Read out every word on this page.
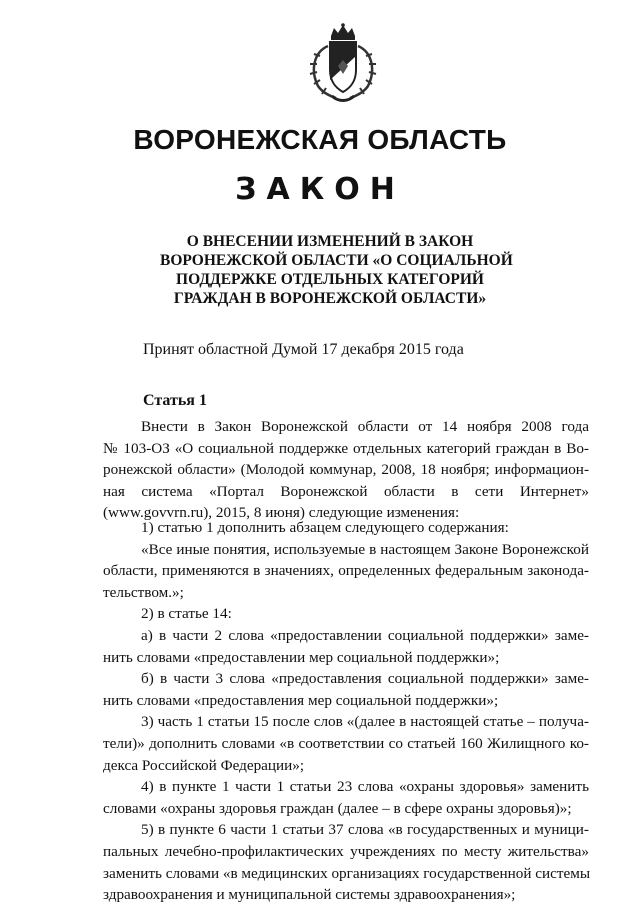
ВОРОНЕЖСКАЯ ОБЛАСТЬ
ЗАКОН
О ВНЕСЕНИИ ИЗМЕНЕНИЙ В ЗАКОН
ВОРОНЕЖСКОЙ ОБЛАСТИ «О СОЦИАЛЬНОЙ
ПОДДЕРЖКЕ ОТДЕЛЬНЫХ КАТЕГОРИЙ
ГРАЖДАН В ВОРОНЕЖСКОЙ ОБЛАСТИ»
Принят областной Думой 17 декабря 2015 года
Статья 1
Внести в Закон Воронежской области от 14 ноября 2008 года
№ 103-ОЗ «О социальной поддержке отдельных категорий граждан в Во-
ронежской области» (Молодой коммунар, 2008, 18 ноября; информацион-
ная система «Портал Воронежской области в сети Интернет»
(www.govvrn.ru), 2015, 8 июня) следующие изменения:
1) статью 1 дополнить абзацем следующего содержания:
«Все иные понятия, используемые в настоящем Законе Воронежской
области, применяются в значениях, определенных федеральным законода-
тельством.»;
2) в статье 14:
а) в части 2 слова «предоставлении социальной поддержки» заме-
нить словами «предоставлении мер социальной поддержки»;
б) в части 3 слова «предоставления социальной поддержки» заме-
нить словами «предоставления мер социальной поддержки»;
3) часть 1 статьи 15 после слов «(далее в настоящей статье – получа-
тели)» дополнить словами «в соответствии со статьей 160 Жилищного ко-
декса Российской Федерации»;
4) в пункте 1 части 1 статьи 23 слова «охраны здоровья» заменить
словами «охраны здоровья граждан (далее – в сфере охраны здоровья)»;
5) в пункте 6 части 1 статьи 37 слова «в государственных и муници-
пальных лечебно-профилактических учреждениях по месту жительства»
заменить словами «в медицинских организациях государственной системы
здравоохранения и муниципальной системы здравоохранения»;
